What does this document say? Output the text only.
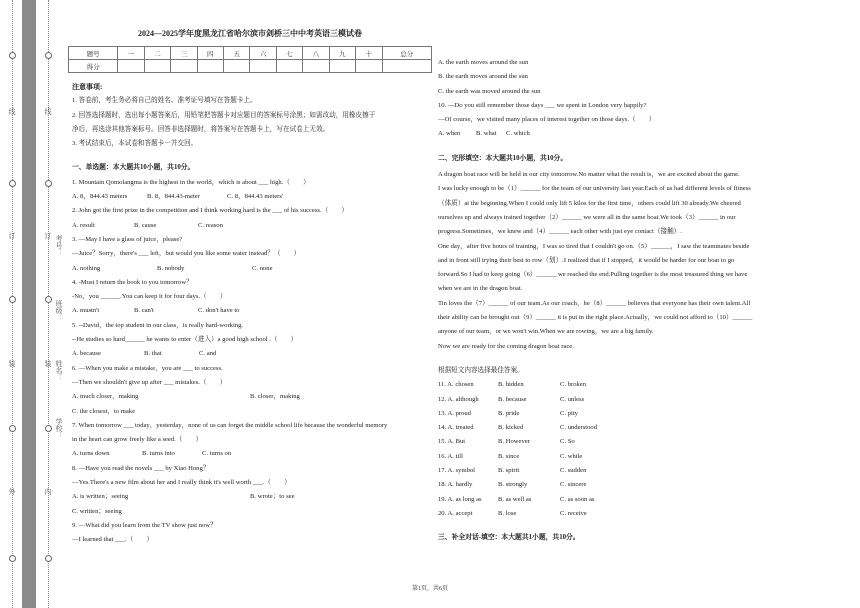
线
订
装
外
线
订
装
内
考号：
班级：
姓名：
学校：
2024—2025学年度黑龙江省哈尔滨市剑桥三中中考英语三模试卷
题号	一	二	三	四	五	六	七	八	九	十	总分
得分											
注意事项:
1. 答卷前，考生务必将自己的姓名、准考证号填写在答题卡上。
2. 回答选择题时，选出每小题答案后，用铅笔把答题卡对应题目的答案标号涂黑；如需改动，用橡皮擦干
净后，再选涂其他答案标号。回答非选择题时，将答案写在答题卡上，写在试卷上无效。
3. 考试结束后，本试卷和答题卡一并交回。
一、单选题：本大题共10小题，共10分。
1. Mountain Qomolangma is the highest in the world，which is about ___ high.（　　）
A. 8，844.43 meters	B. 8，844.43-meter	C. 8，844.43 meters'
2. John got the first prize in the competition and I think working hard is the ___ of his success.（　　）
A. result	B. cause	C. reason
3. —May I have a glass of juice，please?
—Juice？Sorry，there's ___ left，but would you like some water instead？（　　）
A. nothing	B. nobody	C. none
4. -Must I return the book to you tomorrow？
-No，you ______.You can keep it for four days.（　　）
A. mustn't	B. can't	C. don't have to
5. --David，the top student in our class，is really hard-working.
--He studies so hard______ he wants to enter（进入）a good high school .（　　）
A. because	B. that	C. and
6. —When you make a mistake，you are ___ to success.
—Then we shouldn't give up after ___ mistakes.（　　）
A. much closer，making	B. closer，making
C. the closest，to make
7. When tomorrow ___ today，yesterday，none of us can forget the middle school life because the wonderful memory
in the heart can grow freely like a seed.（　　）
A. turns down	B. turns into	C. turns on
8. —Have you read the novels ___ by Xiao Hong？
—Yes.There's a new film about her and I really think it's well worth ___.（　　）
A. is written；seeing	B. wrote；to see
C. written；seeing
9. —What did you learn from the TV show just now？
—I learned that ___.（　　）
A. the earth moves around the sun
B. the earth moves around the sun
C. the earth was moved around the sun
10. —Do you still remember those days ___ we spent in London very happily?
—Of course，we visited many places of interest together on those days.（　　）
A. when	B. what	C. which
二、完形填空：本大题共10小题，共10分。
A dragon boat race will be held in our city tomorrow.No matter what the result is，we are excited about the game.
I was lucky enough to be（1）______ for the team of our university last year.Each of us had different levels of fitness
（体质）at the beginning.When I could only lift 5 kilos for the first time，others could lift 30 already.We cheered
ourselves up and always trained together（2）______ we were all in the same boat.We took（3）______ in our
progress.Sometimes，we knew and（4）______ each other with just eye contact（接触）.
One day，after five hours of training，I was so tired that I couldn't go on.（5）______，I saw the teammates beside
and in front still trying their best to row（划）.I realized that if I stopped，it would be harder for our boat to go
forward.So I had to keep going（6）______ we reached the end.Pulling together is the most treasured thing we have
when we are in the dragon boat.
Tin loves the（7）______ of our team.As our coach，he（8）______ believes that everyone has their own talent.All
their ability can be brought out（9）______ it is put in the right place.Actually，we could not afford to（10）______
anyone of our team，or we won't win.When we are rowing，we are a big family.
Now we are ready for the coming dragon boat race.
根据短文内容选择最佳答案。
11. A. chosen	B. hidden	C. broken
12. A. although	B. because	C. unless
13. A. proud	B. pride	C. pity
14. A. treated	B. kicked	C. understood
15. A. But	B. However	C. So
16. A. till	B. since	C. while
17. A. symbol	B. spirit	C. sudden
18. A. hardly	B. strongly	C. sincere
19. A. as long as	B. as well as	C. as soon as
20. A. accept	B. lose	C. receive
三、补全对话-填空：本大题共1小题，共10分。
第1页，共6页
